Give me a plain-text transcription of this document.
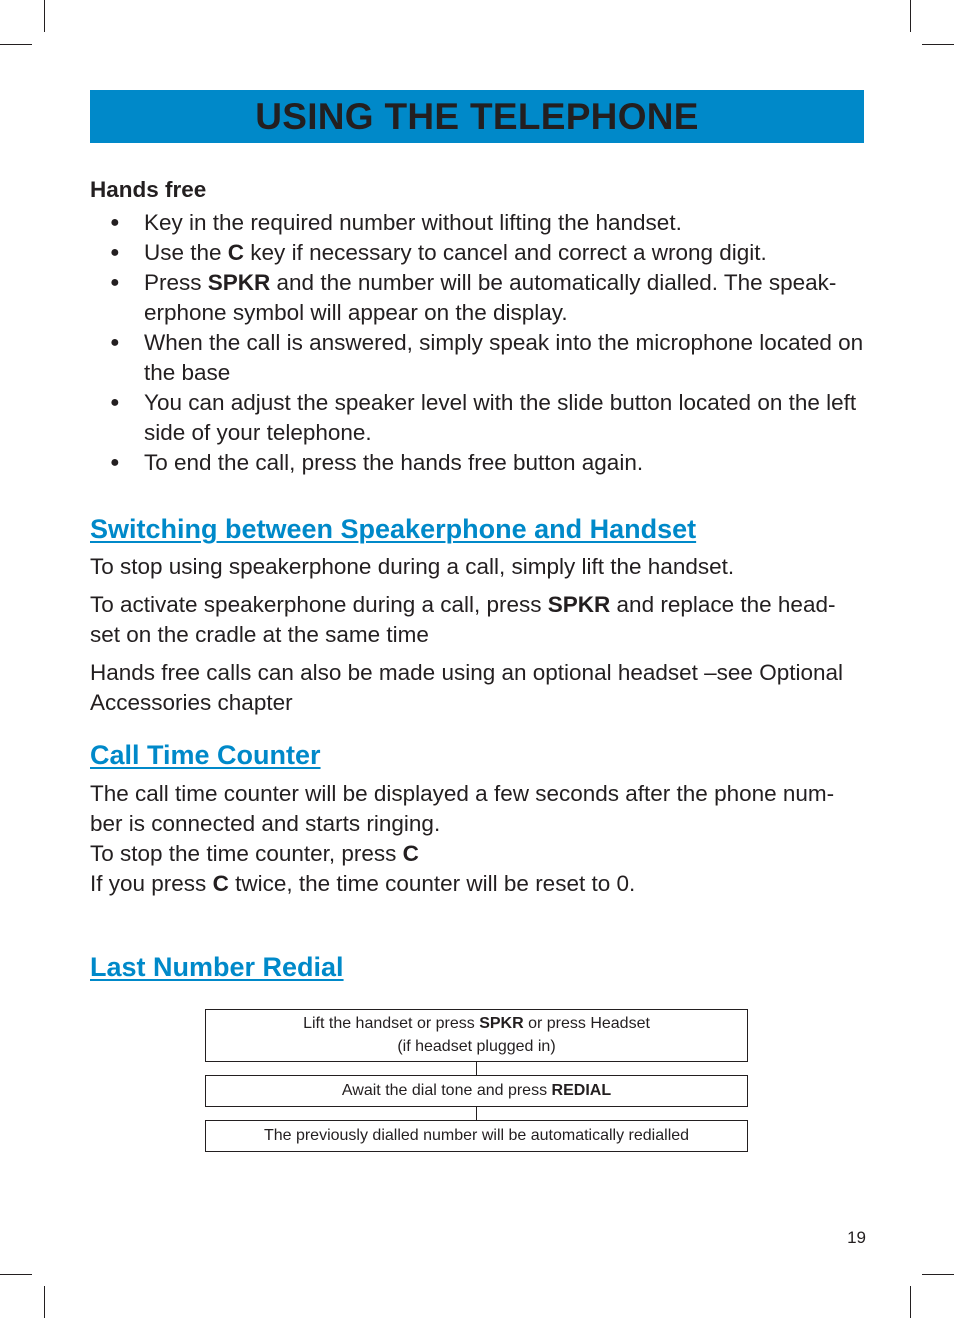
USING THE TELEPHONE
Hands free
● Key in the required number without lifting the handset.
● Use the C key if necessary to cancel and correct a wrong digit.
● Press SPKR and the number will be automatically dialled. The speak-erphone symbol will appear on the display.
● When the call is answered, simply speak into the microphone located on the base
● You can adjust the speaker level with the slide button located on the left side of your telephone.
● To end the call, press the hands free button again.
Switching between Speakerphone and Handset

To stop using speakerphone during a call, simply lift the handset.

To activate speakerphone during a call, press SPKR and replace the head-set on the cradle at the same time

Hands free calls can also be made using an optional headset –see Optional Accessories chapter

Call Time Counter

The call time counter will be displayed a few seconds after the phone num-ber is connected and starts ringing.

To stop the time counter, press C

If you press C twice, the time counter will be reset to 0.

Last Number Redial
Lift the handset or press SPKR or press Headset
(if headset plugged in)
Await the dial tone and press REDIAL
The previously dialled number will be automatically redialled
19
